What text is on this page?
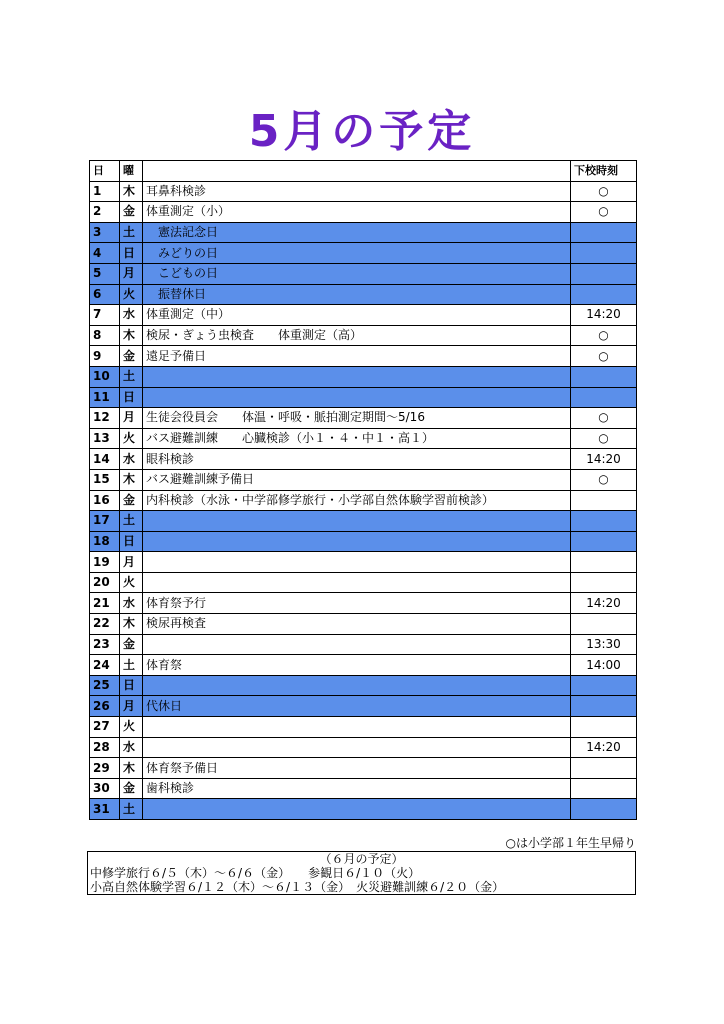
5月の予定
日	曜		下校時刻
1	木	耳鼻科検診	○
2	金	体重測定（小）	○
3	土	　憲法記念日	
4	日	　みどりの日	
5	月	　こどもの日	
6	火	　振替休日	
7	水	体重測定（中）	14:20
8	木	検尿・ぎょう虫検査　　体重測定（高）	○
9	金	遠足予備日	○
10	土		
11	日		
12	月	生徒会役員会　　体温・呼吸・脈拍測定期間～5/16	○
13	火	バス避難訓練　　心臓検診（小１・４・中１・高１）	○
14	水	眼科検診	14:20
15	木	バス避難訓練予備日	○
16	金	内科検診（水泳・中学部修学旅行・小学部自然体験学習前検診）	
17	土		
18	日		
19	月		
20	火		
21	水	体育祭予行	14:20
22	木	検尿再検査	
23	金		13:30
24	土	体育祭	14:00
25	日		
26	月	代休日	
27	火		
28	水		14:20
29	木	体育祭予備日	
30	金	歯科検診	
31	土		
○は小学部１年生早帰り
（６月の予定）
中修学旅行６/５（木）～６/６（金）　　参観日６/１０（火）
小高自然体験学習６/１２（木）～６/１３（金）　火災避難訓練６/２０（金）
